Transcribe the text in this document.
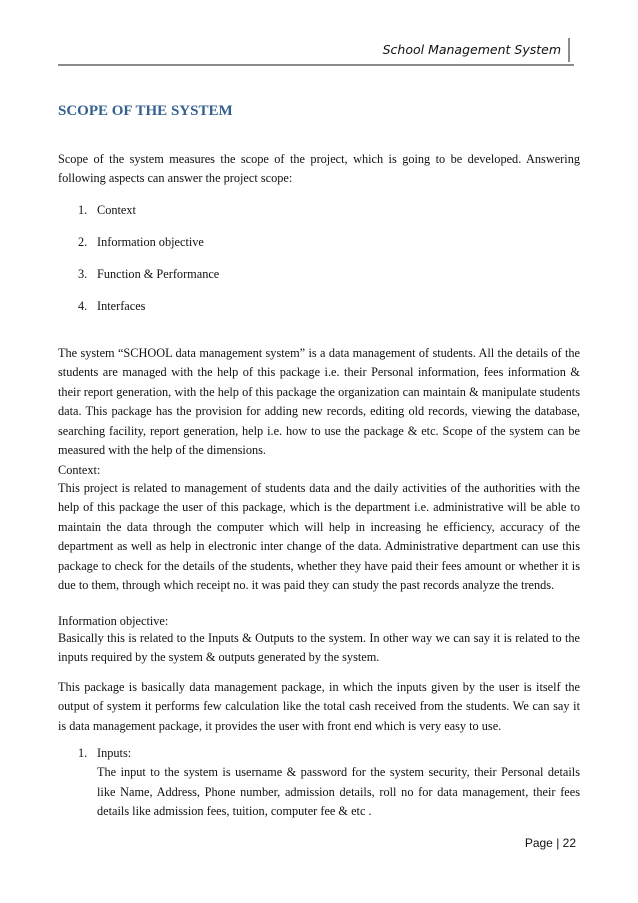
School Management System
SCOPE OF THE SYSTEM

Scope of the system measures the scope of the project, which is going to be developed. Answering following aspects can answer the project scope:

1. Context
2. Information objective
3. Function & Performance
4. Interfaces

The system “SCHOOL data management system” is a data management of students. All the details of the students are managed with the help of this package i.e. their Personal information, fees information & their report generation, with the help of this package the organization can maintain & manipulate students data. This package has the provision for adding new records, editing old records, viewing the database, searching facility, report generation, help i.e. how to use the package & etc. Scope of the system can be measured with the help of the dimensions.

Context:

This project is related to management of students data and the daily activities of the authorities with the help of this package the user of this package, which is the department i.e. administrative will be able to maintain the data through the computer which will help in increasing he efficiency, accuracy of the department as well as help in electronic inter change of the data. Administrative department can use this package to check for the details of the students, whether they have paid their fees amount or whether it is due to them, through which receipt no. it was paid they can study the past records analyze the trends.

Information objective:

Basically this is related to the Inputs & Outputs to the system. In other way we can say it is related to the inputs required by the system & outputs generated by the system.

This package is basically data management package, in which the inputs given by the user is itself the output of system it performs few calculation like the total cash received from the students. We can say it is data management package, it provides the user with front end which is very easy to use.

1. Inputs:

The input to the system is username & password for the system security, their Personal details like Name, Address, Phone number, admission details, roll no for data management, their fees details like admission fees, tuition, computer fee & etc .

Page | 22
